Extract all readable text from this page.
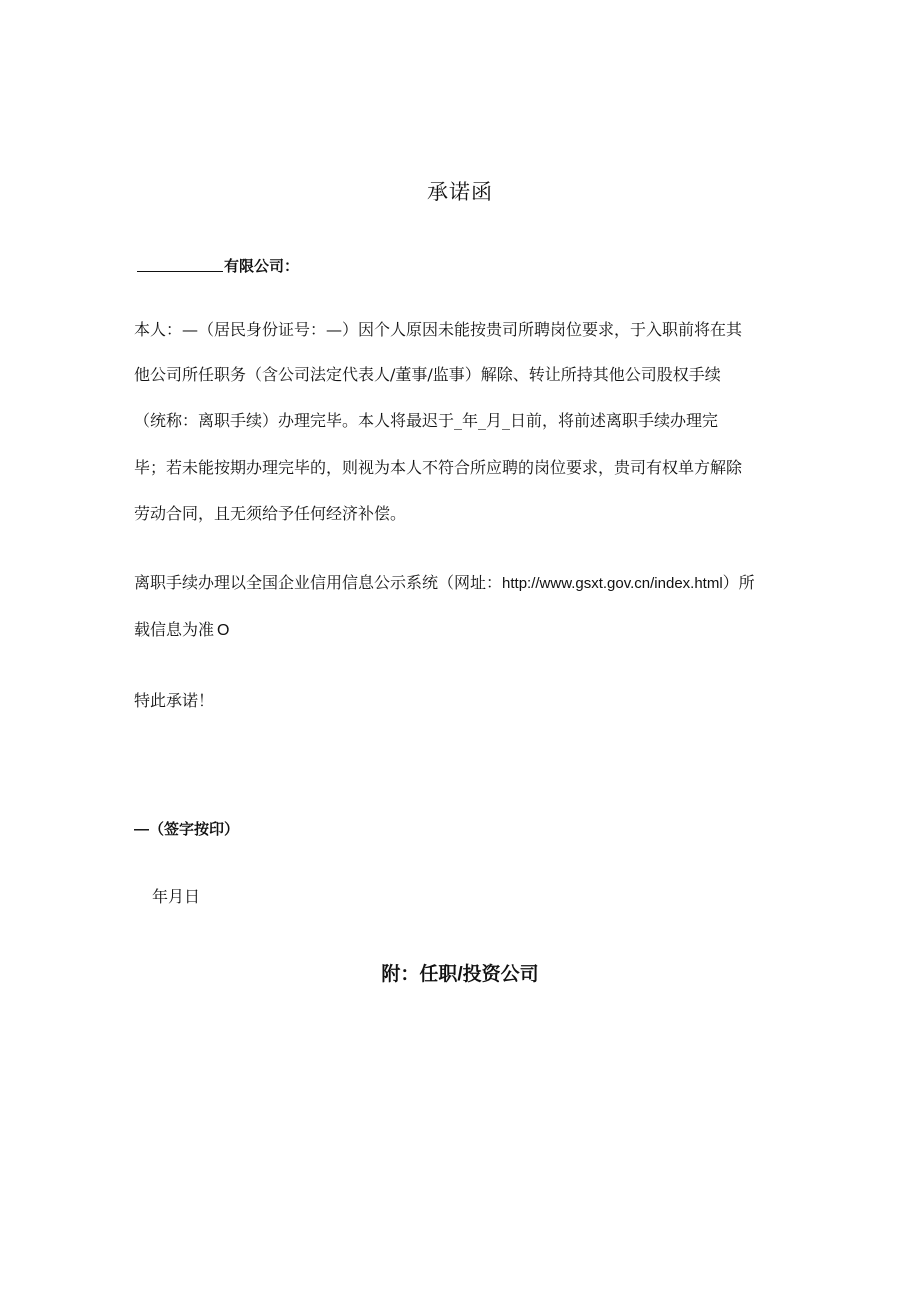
承诺函
有限公司：
本人：—（居民身份证号：—）因个人原因未能按贵司所聘岗位要求，于入职前将在其
他公司所任职务（含公司法定代表人/董事/监事）解除、转让所持其他公司股权手续
（统称：离职手续）办理完毕。本人将最迟于_年_月_日前，将前述离职手续办理完
毕；若未能按期办理完毕的，则视为本人不符合所应聘的岗位要求，贵司有权单方解除
劳动合同，且无须给予任何经济补偿。
离职手续办理以全国企业信用信息公示系统（网址：http://www.gsxt.gov.cn/index.html）所
载信息为准 O
特此承诺！
—（签字按印）
年月日
附：任职/投资公司
